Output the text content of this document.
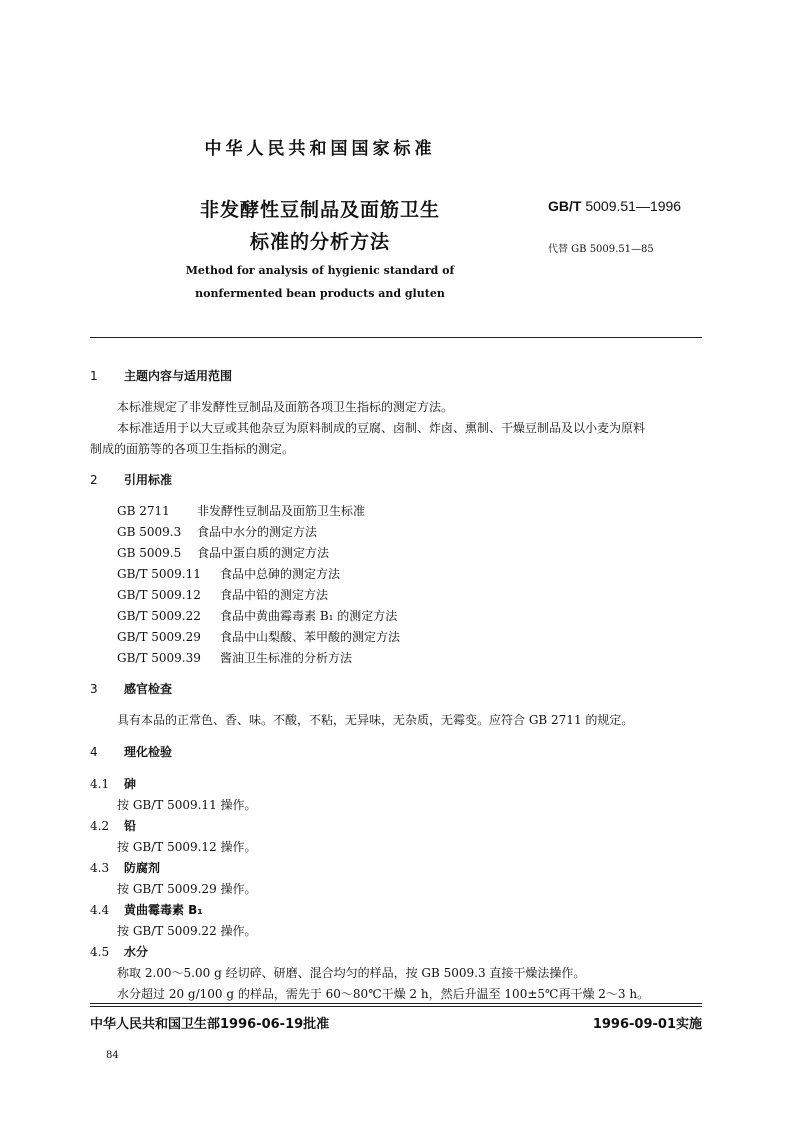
中华人民共和国国家标准
非发酵性豆制品及面筋卫生
标准的分析方法
GB/T 5009.51—1996
代替 GB 5009.51—85
Method for analysis of hygienic standard of
nonfermented bean products and gluten
1 主题内容与适用范围
本标准规定了非发酵性豆制品及面筋各项卫生指标的测定方法。
本标准适用于以大豆或其他杂豆为原料制成的豆腐、卤制、炸卤、熏制、干燥豆制品及以小麦为原料
制成的面筋等的各项卫生指标的测定。
2 引用标准
GB 2711 非发酵性豆制品及面筋卫生标准
GB 5009.3 食品中水分的测定方法
GB 5009.5 食品中蛋白质的测定方法
GB/T 5009.11 食品中总砷的测定方法
GB/T 5009.12 食品中铅的测定方法
GB/T 5009.22 食品中黄曲霉毒素 B₁ 的测定方法
GB/T 5009.29 食品中山梨酸、苯甲酸的测定方法
GB/T 5009.39 酱油卫生标准的分析方法
3 感官检查
具有本品的正常色、香、味。不酸，不粘，无异味，无杂质，无霉变。应符合 GB 2711 的规定。
4 理化检验
4.1 砷
按 GB/T 5009.11 操作。
4.2 铅
按 GB/T 5009.12 操作。
4.3 防腐剂
按 GB/T 5009.29 操作。
4.4 黄曲霉毒素 B₁
按 GB/T 5009.22 操作。
4.5 水分
称取 2.00～5.00 g 经切碎、研磨、混合均匀的样品，按 GB 5009.3 直接干燥法操作。
水分超过 20 g/100 g 的样品，需先于 60～80℃干燥 2 h，然后升温至 100±5℃再干燥 2～3 h。
中华人民共和国卫生部1996-06-19批准	1996-09-01实施
84
